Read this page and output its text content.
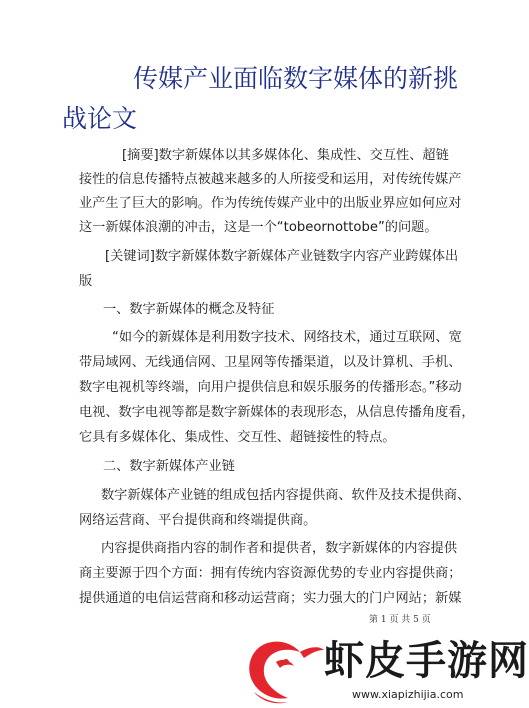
传媒产业面临数字媒体的新挑
战论文
[摘要]数字新媒体以其多媒体化、集成性、交互性、超链
接性的信息传播特点被越来越多的人所接受和运用，对传统传媒产
业产生了巨大的影响。作为传统传媒产业中的出版业界应如何应对
这一新媒体浪潮的冲击，这是一个“tobeornottobe”的问题。
[关键词]数字新媒体数字新媒体产业链数字内容产业跨媒体出
版
一、数字新媒体的概念及特征
“如今的新媒体是利用数字技术、网络技术，通过互联网、宽
带局域网、无线通信网、卫星网等传播渠道，以及计算机、手机、
数字电视机等终端，向用户提供信息和娱乐服务的传播形态。”移动
电视、数字电视等都是数字新媒体的表现形态，从信息传播角度看，
它具有多媒体化、集成性、交互性、超链接性的特点。
二、数字新媒体产业链
数字新媒体产业链的组成包括内容提供商、软件及技术提供商、
网络运营商、平台提供商和终端提供商。
内容提供商指内容的制作者和提供者，数字新媒体的内容提供
商主要源于四个方面：拥有传统内容资源优势的专业内容提供商；
提供通道的电信运营商和移动运营商；实力强大的门户网站；新媒
第 1 页 共 5 页
虾皮手游网
www.xiapizhijia.com
